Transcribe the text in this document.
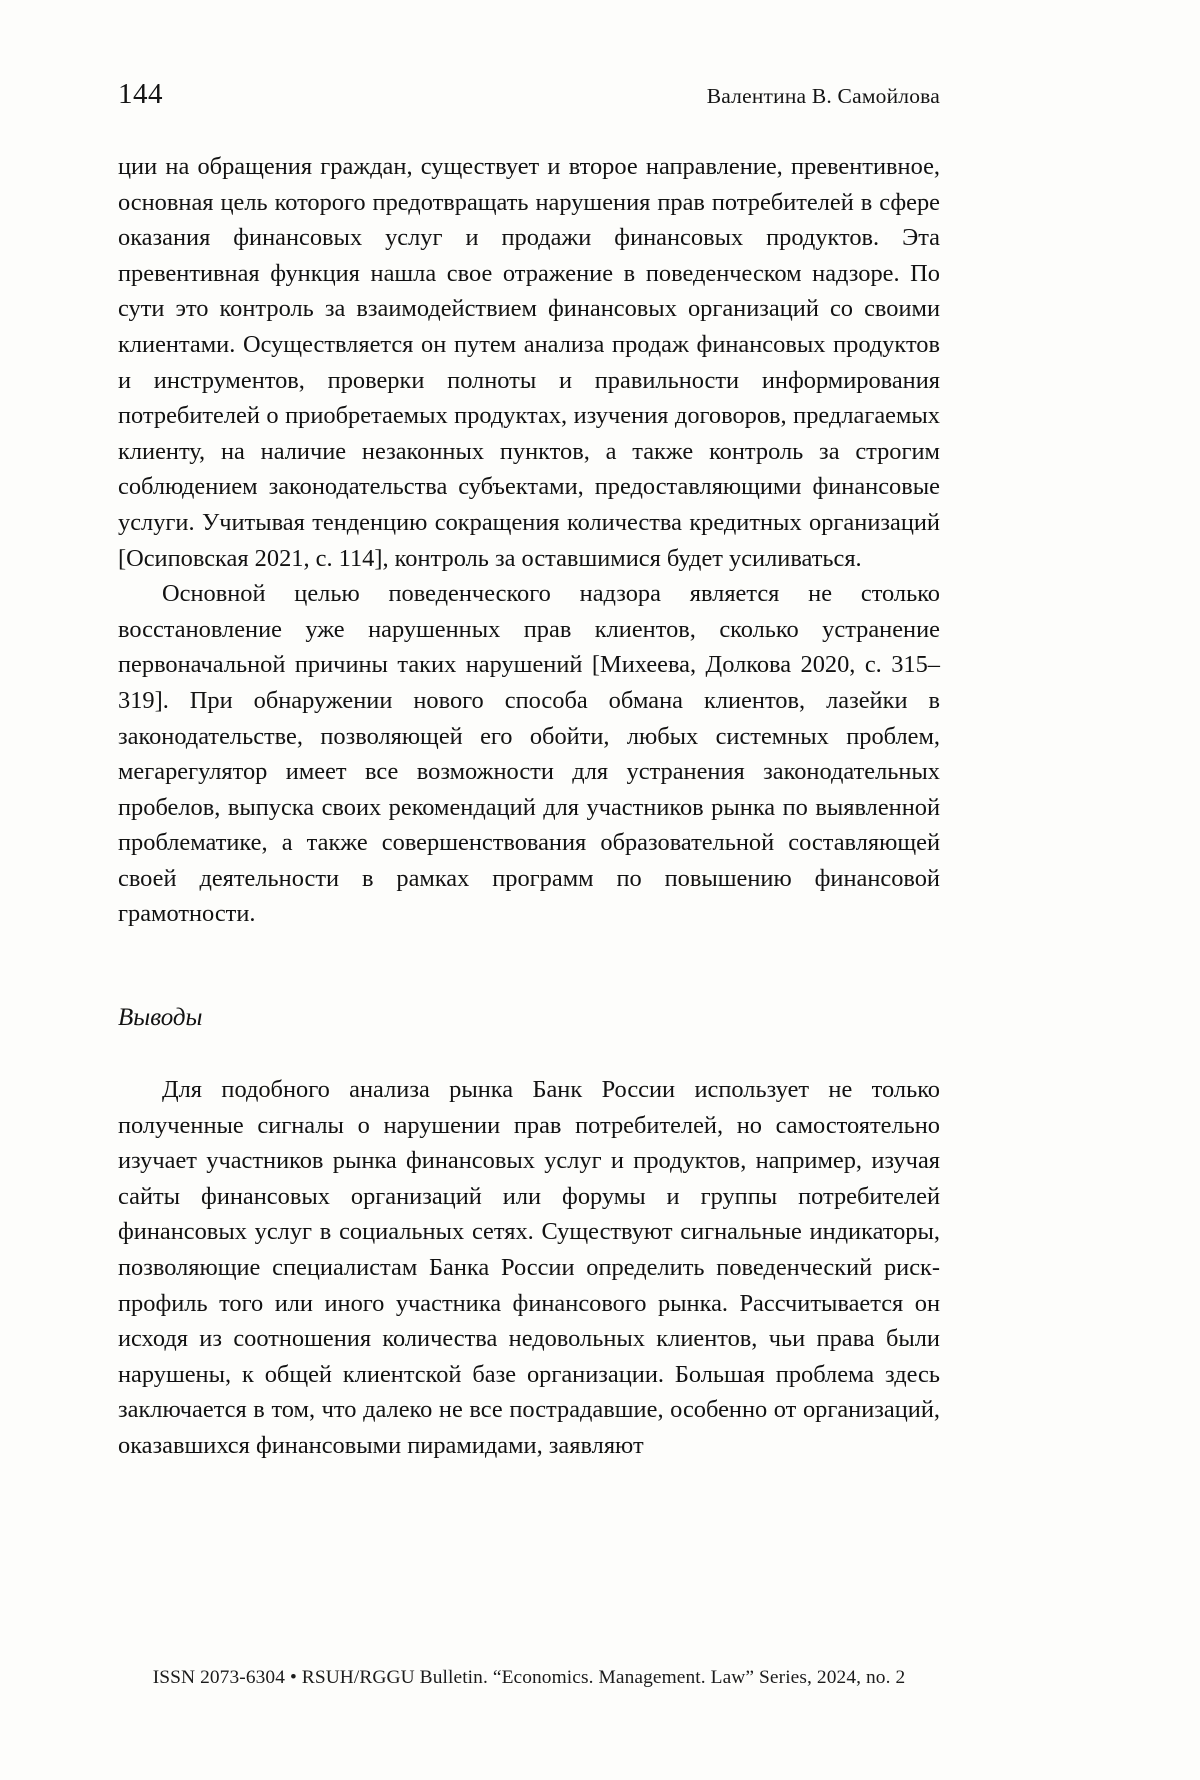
144	Валентина В. Самойлова

ции на обращения граждан, существует и второе направление, превентивное, основная цель которого предотвращать нарушения прав потребителей в сфере оказания финансовых услуг и продажи финансовых продуктов. Эта превентивная функция нашла свое отражение в поведенческом надзоре. По сути это контроль за взаимодействием финансовых организаций со своими клиентами. Осуществляется он путем анализа продаж финансовых продуктов и инструментов, проверки полноты и правильности информирования потребителей о приобретаемых продуктах, изучения договоров, предлагаемых клиенту, на наличие незаконных пунктов, а также контроль за строгим соблюдением законодательства субъектами, предоставляющими финансовые услуги. Учитывая тенденцию сокращения количества кредитных организаций [Осиповская 2021, с. 114], контроль за оставшимися будет усиливаться.

Основной целью поведенческого надзора является не столько восстановление уже нарушенных прав клиентов, сколько устранение первоначальной причины таких нарушений [Михеева, Долкова 2020, с. 315–319]. При обнаружении нового способа обмана клиентов, лазейки в законодательстве, позволяющей его обойти, любых системных проблем, мегарегулятор имеет все возможности для устранения законодательных пробелов, выпуска своих рекомендаций для участников рынка по выявленной проблематике, а также совершенствования образовательной составляющей своей деятельности в рамках программ по повышению финансовой грамотности.

Выводы

Для подобного анализа рынка Банк России использует не только полученные сигналы о нарушении прав потребителей, но самостоятельно изучает участников рынка финансовых услуг и продуктов, например, изучая сайты финансовых организаций или форумы и группы потребителей финансовых услуг в социальных сетях. Существуют сигнальные индикаторы, позволяющие специалистам Банка России определить поведенческий риск-профиль того или иного участника финансового рынка. Рассчитывается он исходя из соотношения количества недовольных клиентов, чьи права были нарушены, к общей клиентской базе организации. Большая проблема здесь заключается в том, что далеко не все пострадавшие, особенно от организаций, оказавшихся финансовыми пирамидами, заявляют

ISSN 2073-6304 • RSUH/RGGU Bulletin. “Economics. Management. Law” Series, 2024, no. 2
